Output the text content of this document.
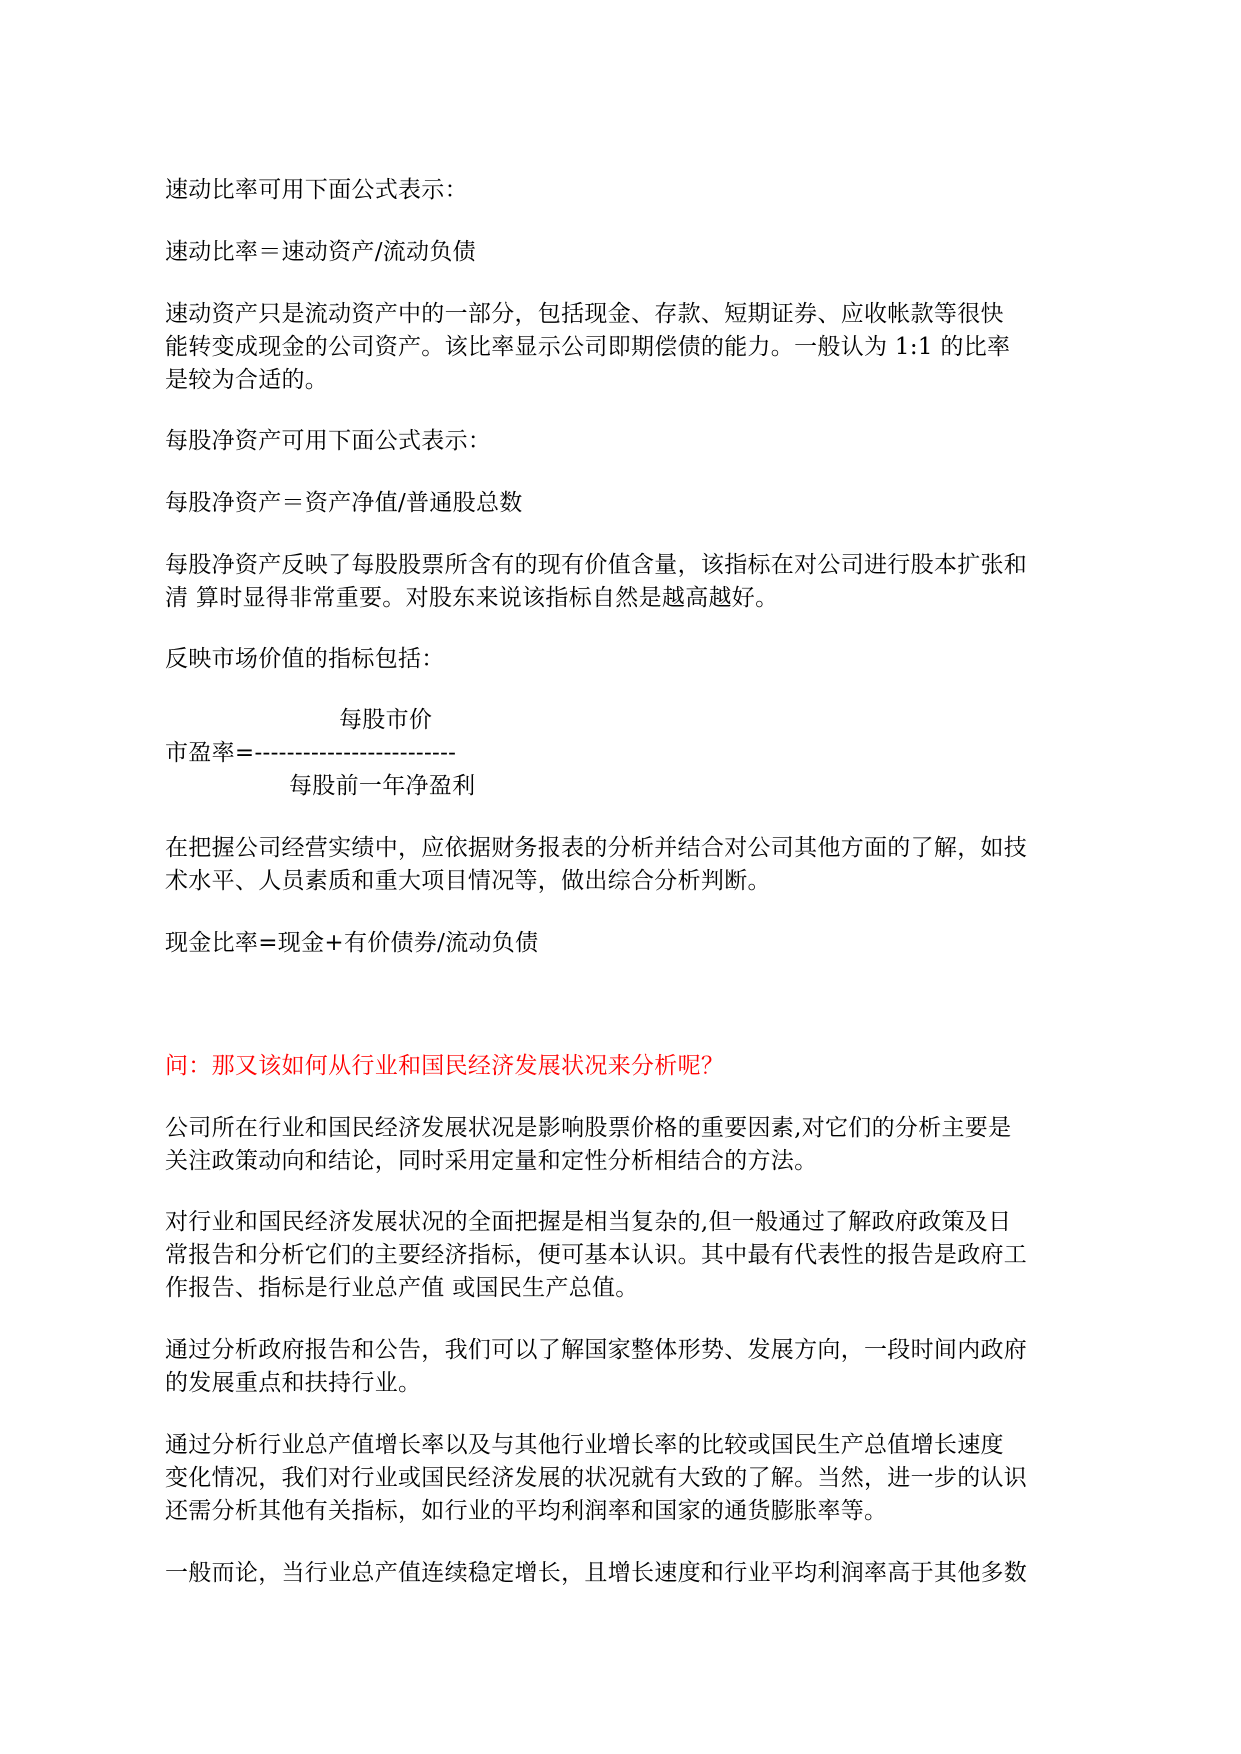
速动比率可用下面公式表示：
速动比率＝速动资产/流动负债
速动资产只是流动资产中的一部分，包括现金、存款、短期证券、应收帐款等很快
能转变成现金的公司资产。该比率显示公司即期偿债的能力。一般认为 1:1 的比率
是较为合适的。
每股净资产可用下面公式表示：
每股净资产＝资产净值/普通股总数
每股净资产反映了每股股票所含有的现有价值含量，该指标在对公司进行股本扩张和
清 算时显得非常重要。对股东来说该指标自然是越高越好。
反映市场价值的指标包括：
每股市价
市盈率=-------------------------
每股前一年净盈利
在把握公司经营实绩中，应依据财务报表的分析并结合对公司其他方面的了解，如技
术水平、人员素质和重大项目情况等，做出综合分析判断。
现金比率=现金+有价债券/流动负债
问：那又该如何从行业和国民经济发展状况来分析呢？
公司所在行业和国民经济发展状况是影响股票价格的重要因素,对它们的分析主要是
关注政策动向和结论，同时采用定量和定性分析相结合的方法。
对行业和国民经济发展状况的全面把握是相当复杂的,但一般通过了解政府政策及日
常报告和分析它们的主要经济指标，便可基本认识。其中最有代表性的报告是政府工
作报告、指标是行业总产值 或国民生产总值。
通过分析政府报告和公告，我们可以了解国家整体形势、发展方向，一段时间内政府
的发展重点和扶持行业。
通过分析行业总产值增长率以及与其他行业增长率的比较或国民生产总值增长速度
变化情况，我们对行业或国民经济发展的状况就有大致的了解。当然，进一步的认识
还需分析其他有关指标，如行业的平均利润率和国家的通货膨胀率等。
一般而论，当行业总产值连续稳定增长，且增长速度和行业平均利润率高于其他多数
